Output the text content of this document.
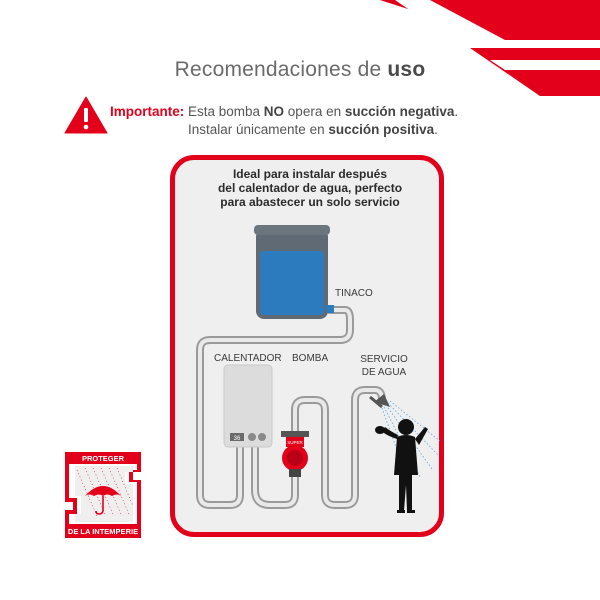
Recomendaciones de uso
Importante: Esta bomba NO opera en succión negativa.
Instalar únicamente en succión positiva.
36
SUPER
Ideal para instalar después
del calentador de agua, perfecto
para abastecer un solo servicio
TINACO
CALENTADOR BOMBA	SERVICIO
DE AGUA
PROTEGER
DE LA INTEMPERIE
